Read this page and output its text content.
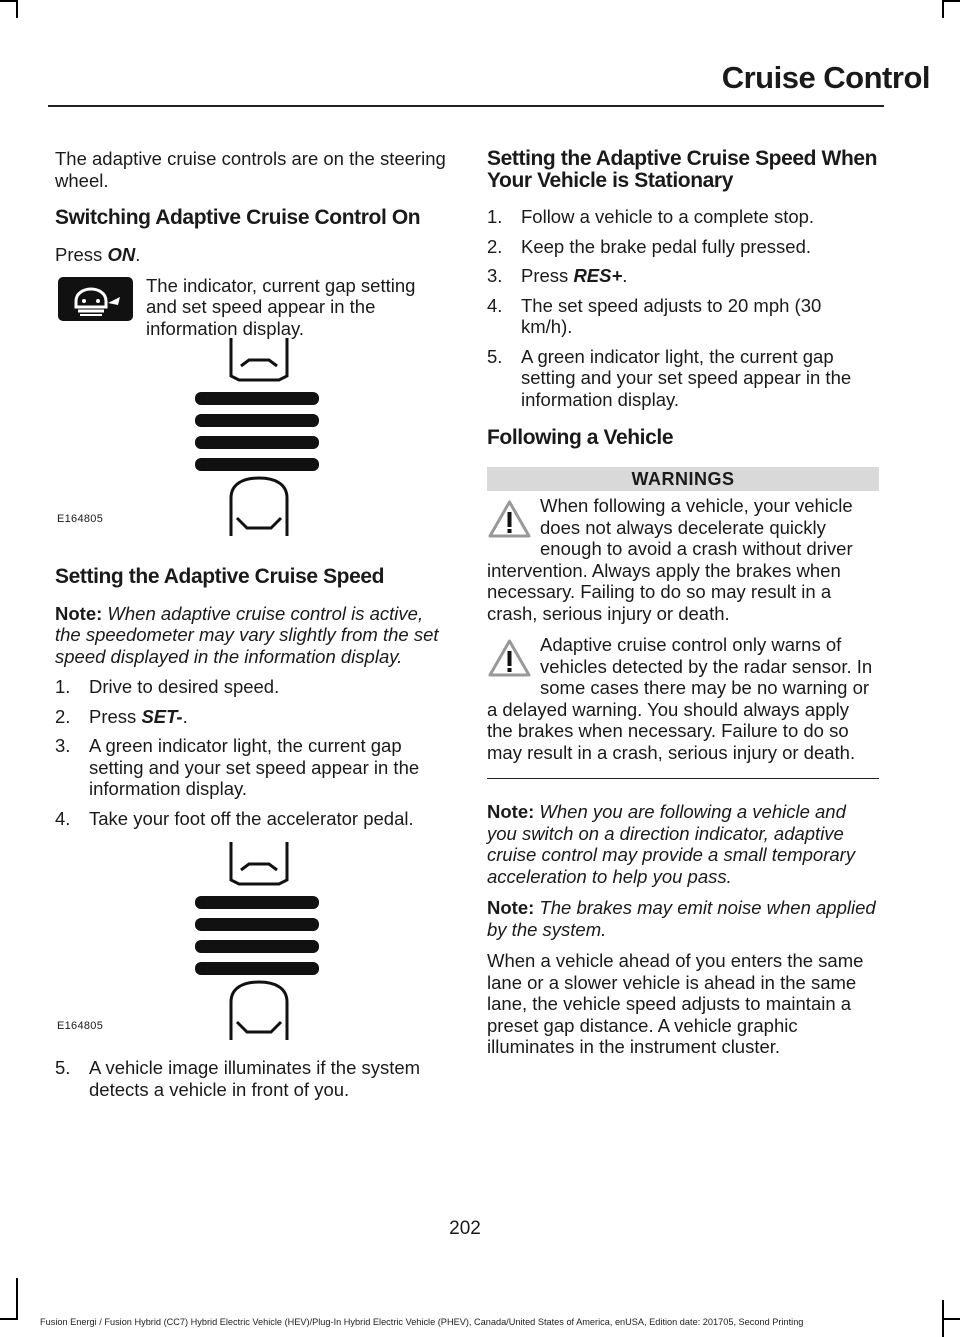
Cruise Control

The adaptive cruise controls are on the steering wheel.

Switching Adaptive Cruise Control On

Press ON.

The indicator, current gap setting and set speed appear in the information display.

E164805
Setting the Adaptive Cruise Speed

Note: When adaptive cruise control is active, the speedometer may vary slightly from the set speed displayed in the information display.

1. Drive to desired speed.
2. Press SET-.
3. A green indicator light, the current gap setting and your set speed appear in the information display.
4. Take your foot off the accelerator pedal.
E164805
5. A vehicle image illuminates if the system detects a vehicle in front of you.
Setting the Adaptive Cruise Speed When Your Vehicle is Stationary
1. Follow a vehicle to a complete stop.
2. Keep the brake pedal fully pressed.
3. Press RES+.
4. The set speed adjusts to 20 mph (30 km/h).
5. A green indicator light, the current gap setting and your set speed appear in the information display.
Following a Vehicle
WARNINGS

When following a vehicle, your vehicle does not always decelerate quickly enough to avoid a crash without driver intervention. Always apply the brakes when necessary. Failing to do so may result in a crash, serious injury or death.

Adaptive cruise control only warns of vehicles detected by the radar sensor. In some cases there may be no warning or a delayed warning. You should always apply the brakes when necessary. Failure to do so may result in a crash, serious injury or death.

Note: When you are following a vehicle and you switch on a direction indicator, adaptive cruise control may provide a small temporary acceleration to help you pass.

Note: The brakes may emit noise when applied by the system.

When a vehicle ahead of you enters the same lane or a slower vehicle is ahead in the same lane, the vehicle speed adjusts to maintain a preset gap distance. A vehicle graphic illuminates in the instrument cluster.

202
Fusion Energi / Fusion Hybrid (CC7) Hybrid Electric Vehicle (HEV)/Plug-In Hybrid Electric Vehicle (PHEV), Canada/United States of America, enUSA, Edition date: 201705, Second Printing
